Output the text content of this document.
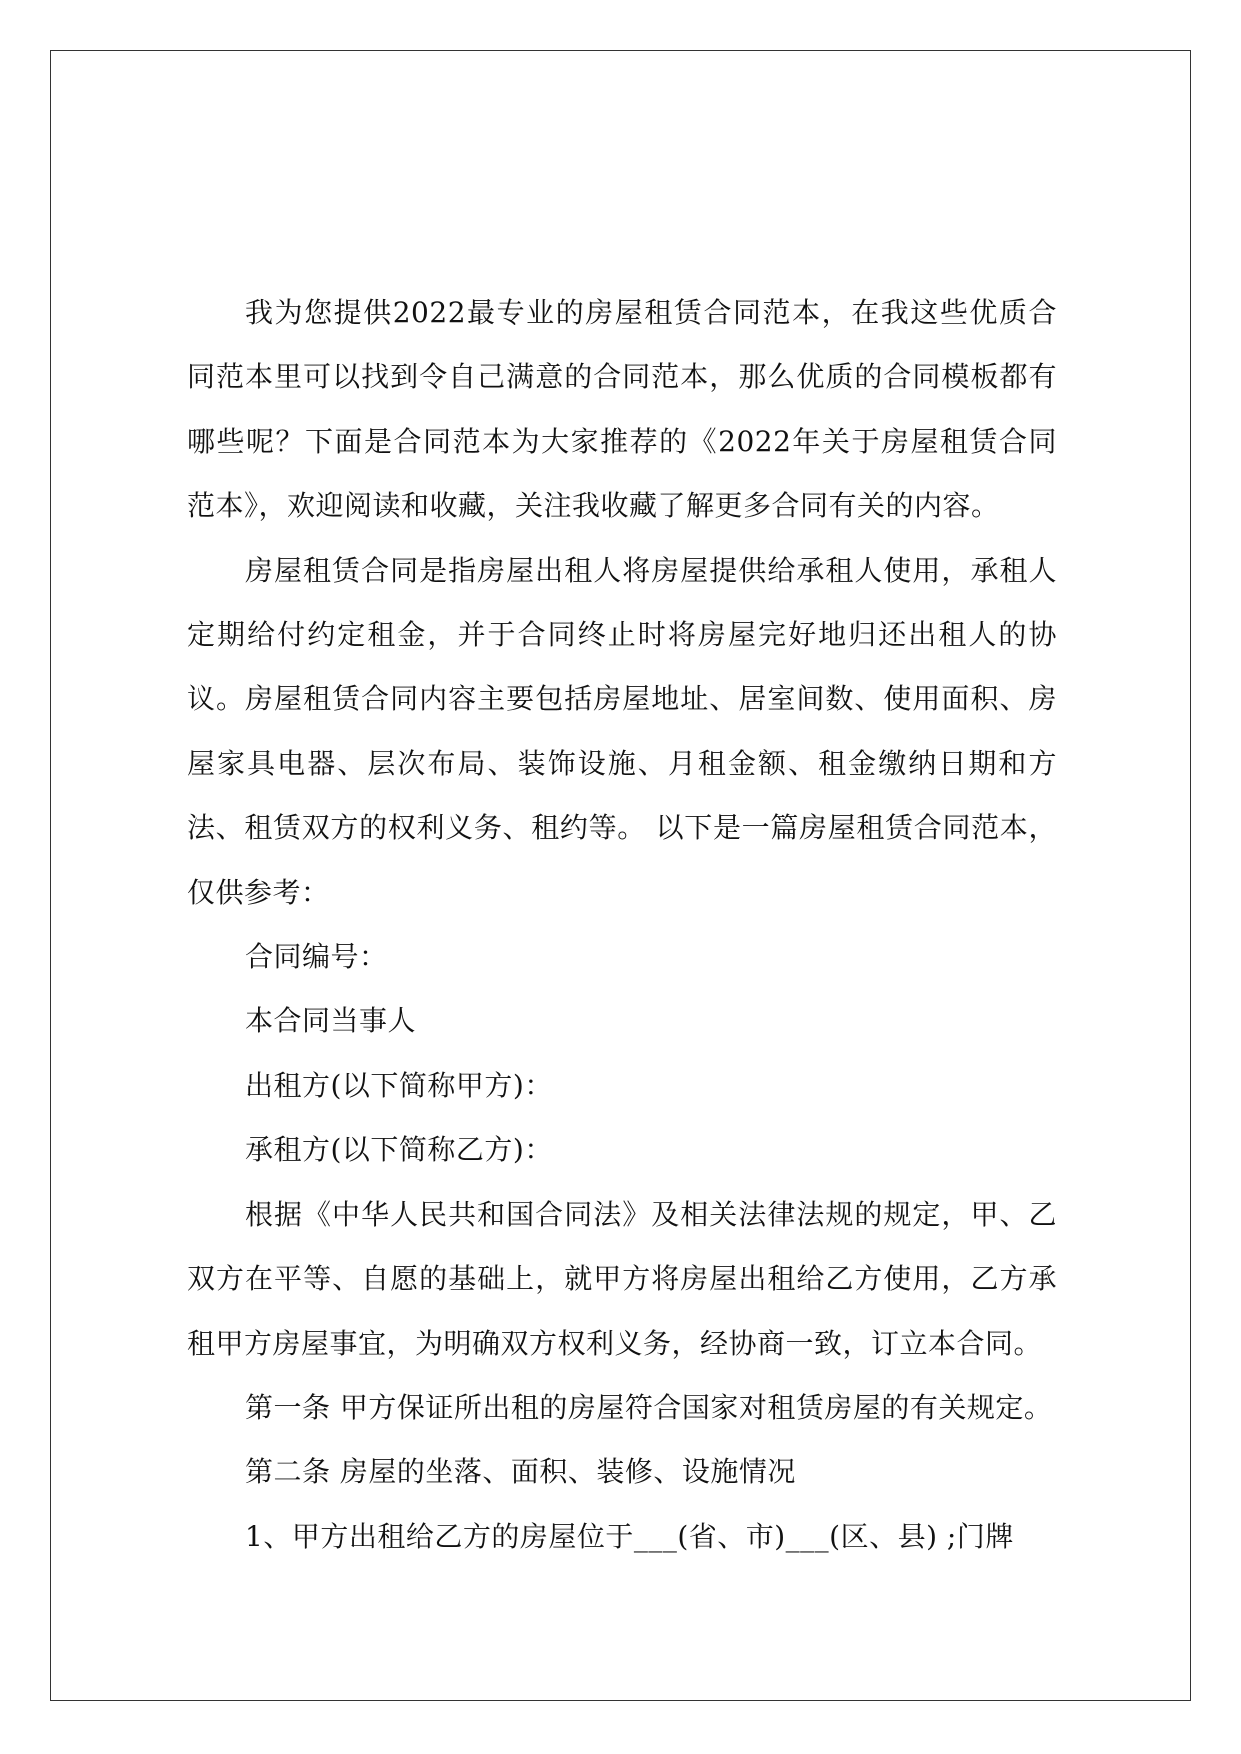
我为您提供2022最专业的房屋租赁合同范本，在我这些优质合同范本里可以找到令自己满意的合同范本，那么优质的合同模板都有哪些呢？下面是合同范本为大家推荐的《2022年关于房屋租赁合同范本》，欢迎阅读和收藏，关注我收藏了解更多合同有关的内容。

房屋租赁合同是指房屋出租人将房屋提供给承租人使用，承租人定期给付约定租金，并于合同终止时将房屋完好地归还出租人的协议。房屋租赁合同内容主要包括房屋地址、居室间数、使用面积、房屋家具电器、层次布局、装饰设施、月租金额、租金缴纳日期和方法、租赁双方的权利义务、租约等。 以下是一篇房屋租赁合同范本，仅供参考：

合同编号：

本合同当事人

出租方(以下简称甲方)：

承租方(以下简称乙方)：

根据《中华人民共和国合同法》及相关法律法规的规定，甲、乙双方在平等、自愿的基础上，就甲方将房屋出租给乙方使用，乙方承租甲方房屋事宜，为明确双方权利义务，经协商一致，订立本合同。

第一条 甲方保证所出租的房屋符合国家对租赁房屋的有关规定。

第二条 房屋的坐落、面积、装修、设施情况

1、甲方出租给乙方的房屋位于___(省、市)___(区、县) ;门牌
